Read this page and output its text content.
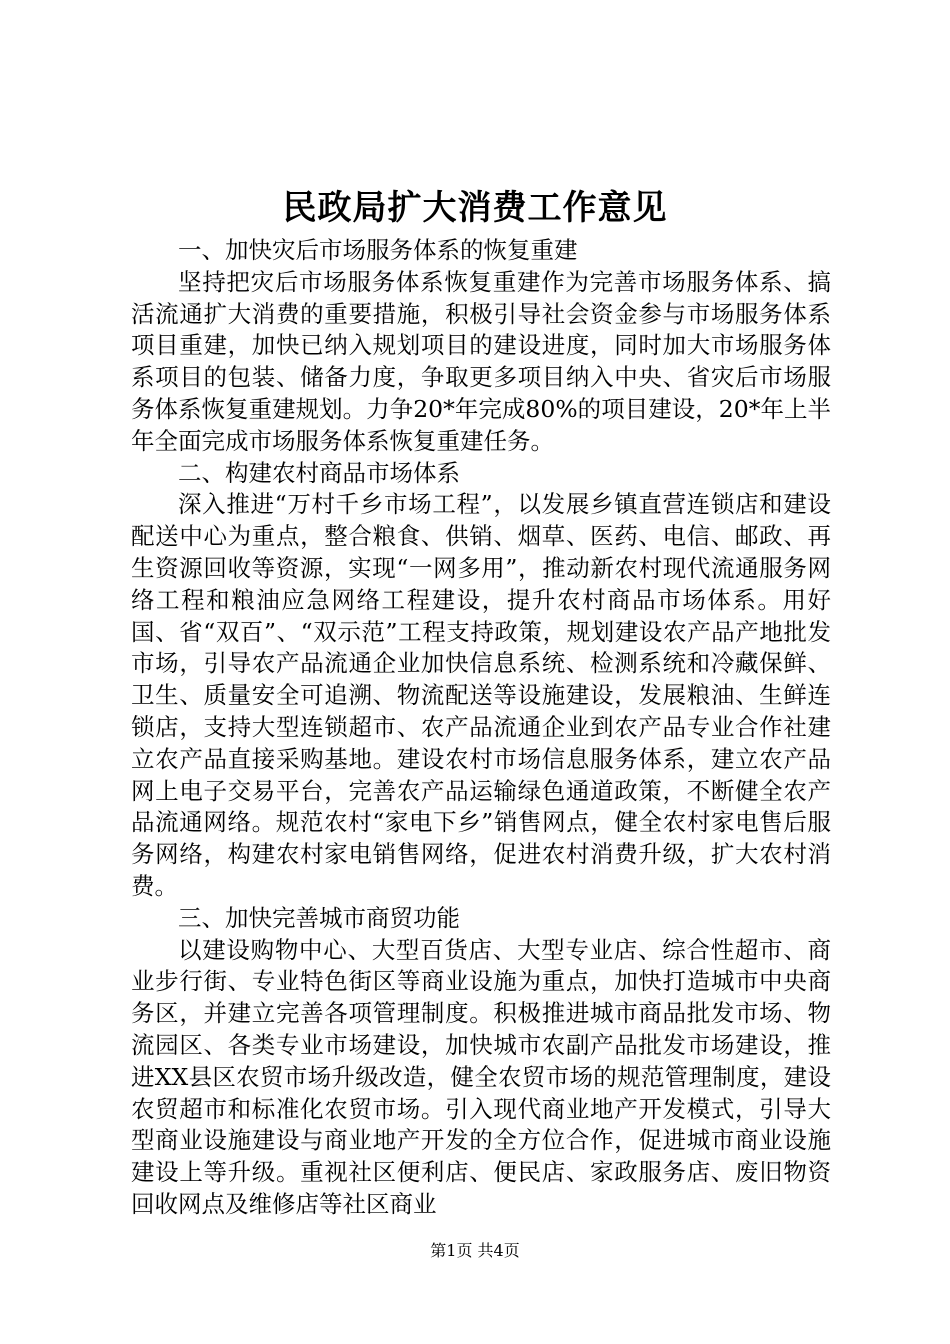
民政局扩大消费工作意见

一、加快灾后市场服务体系的恢复重建

坚持把灾后市场服务体系恢复重建作为完善市场服务体系、搞活流通扩大消费的重要措施，积极引导社会资金参与市场服务体系项目重建，加快已纳入规划项目的建设进度，同时加大市场服务体系项目的包装、储备力度，争取更多项目纳入中央、省灾后市场服务体系恢复重建规划。力争20*年完成80%的项目建设，20*年上半年全面完成市场服务体系恢复重建任务。

二、构建农村商品市场体系

深入推进“万村千乡市场工程”，以发展乡镇直营连锁店和建设配送中心为重点，整合粮食、供销、烟草、医药、电信、邮政、再生资源回收等资源，实现“一网多用”，推动新农村现代流通服务网络工程和粮油应急网络工程建设，提升农村商品市场体系。用好国、省“双百”、“双示范”工程支持政策，规划建设农产品产地批发市场，引导农产品流通企业加快信息系统、检测系统和冷藏保鲜、卫生、质量安全可追溯、物流配送等设施建设，发展粮油、生鲜连锁店，支持大型连锁超市、农产品流通企业到农产品专业合作社建立农产品直接采购基地。建设农村市场信息服务体系，建立农产品网上电子交易平台，完善农产品运输绿色通道政策，不断健全农产品流通网络。规范农村“家电下乡”销售网点，健全农村家电售后服务网络，构建农村家电销售网络，促进农村消费升级，扩大农村消费。

三、加快完善城市商贸功能

以建设购物中心、大型百货店、大型专业店、综合性超市、商业步行街、专业特色街区等商业设施为重点，加快打造城市中央商务区，并建立完善各项管理制度。积极推进城市商品批发市场、物流园区、各类专业市场建设，加快城市农副产品批发市场建设，推进XX县区农贸市场升级改造，健全农贸市场的规范管理制度，建设农贸超市和标准化农贸市场。引入现代商业地产开发模式，引导大型商业设施建设与商业地产开发的全方位合作，促进城市商业设施建设上等升级。重视社区便利店、便民店、家政服务店、废旧物资回收网点及维修店等社区商业

第1页 共4页
